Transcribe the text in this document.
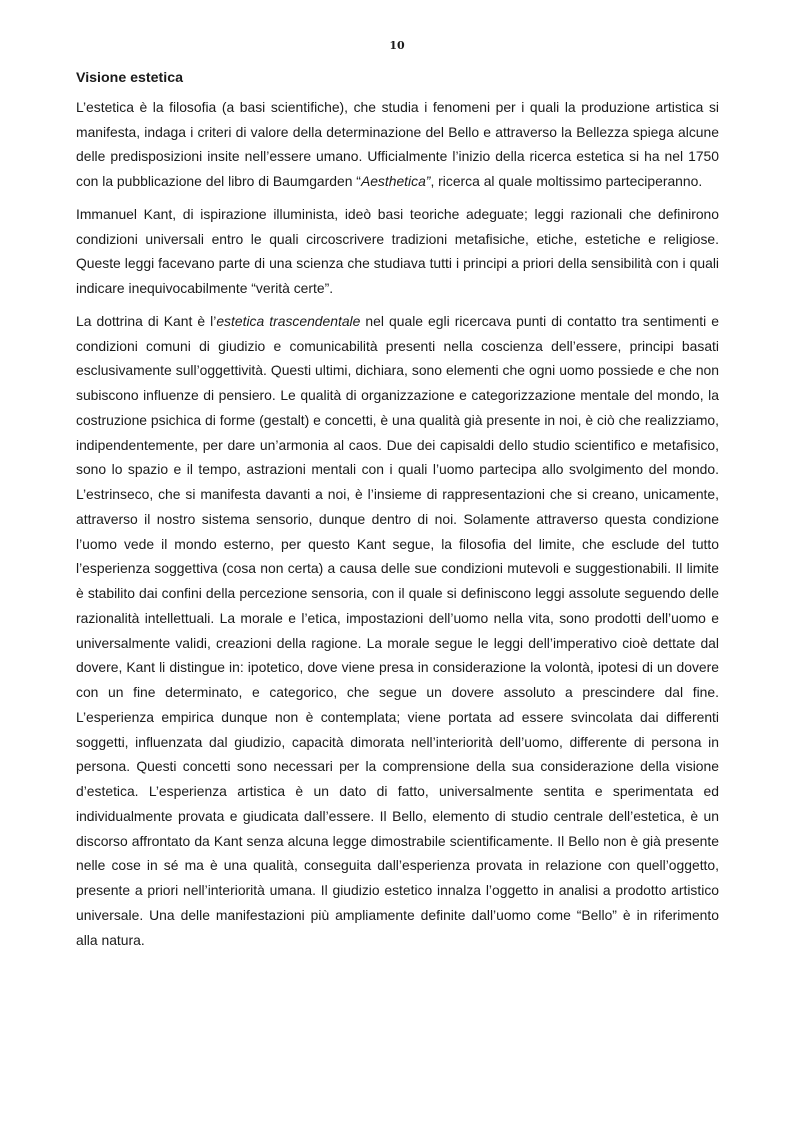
10
Visione estetica

L’estetica è la filosofia (a basi scientifiche), che studia i fenomeni per i quali la produzione artistica si manifesta, indaga i criteri di valore della determinazione del Bello e attraverso la Bellezza spiega alcune delle predisposizioni insite nell’essere umano. Ufficialmente l’inizio della ricerca estetica si ha nel 1750 con la pubblicazione del libro di Baumgarden “Aesthetica”, ricerca al quale moltissimo parteciperanno.

Immanuel Kant, di ispirazione illuminista, ideò basi teoriche adeguate; leggi razionali che definirono condizioni universali entro le quali circoscrivere tradizioni metafisiche, etiche, estetiche e religiose. Queste leggi facevano parte di una scienza che studiava tutti i principi a priori della sensibilità con i quali indicare inequivocabilmente “verità certe”.

La dottrina di Kant è l’estetica trascendentale nel quale egli ricercava punti di contatto tra sentimenti e condizioni comuni di giudizio e comunicabilità presenti nella coscienza dell’essere, principi basati esclusivamente sull’oggettività. Questi ultimi, dichiara, sono elementi che ogni uomo possiede e che non subiscono influenze di pensiero. Le qualità di organizzazione e categorizzazione mentale del mondo, la costruzione psichica di forme (gestalt) e concetti, è una qualità già presente in noi, è ciò che realizziamo, indipendentemente, per dare un’armonia al caos. Due dei capisaldi dello studio scientifico e metafisico, sono lo spazio e il tempo, astrazioni mentali con i quali l’uomo partecipa allo svolgimento del mondo. L’estrinseco, che si manifesta davanti a noi, è l’insieme di rappresentazioni che si creano, unicamente, attraverso il nostro sistema sensorio, dunque dentro di noi. Solamente attraverso questa condizione l’uomo vede il mondo esterno, per questo Kant segue, la filosofia del limite, che esclude del tutto l’esperienza soggettiva (cosa non certa) a causa delle sue condizioni mutevoli e suggestionabili. Il limite è stabilito dai confini della percezione sensoria, con il quale si definiscono leggi assolute seguendo delle razionalità intellettuali. La morale e l’etica, impostazioni dell’uomo nella vita, sono prodotti dell’uomo e universalmente validi, creazioni della ragione. La morale segue le leggi dell’imperativo cioè dettate dal dovere, Kant li distingue in: ipotetico, dove viene presa in considerazione la volontà, ipotesi di un dovere con un fine determinato, e categorico, che segue un dovere assoluto a prescindere dal fine. L’esperienza empirica dunque non è contemplata; viene portata ad essere svincolata dai differenti soggetti, influenzata dal giudizio, capacità dimorata nell’interiorità dell’uomo, differente di persona in persona. Questi concetti sono necessari per la comprensione della sua considerazione della visione d’estetica. L’esperienza artistica è un dato di fatto, universalmente sentita e sperimentata ed individualmente provata e giudicata dall’essere. Il Bello, elemento di studio centrale dell’estetica, è un discorso affrontato da Kant senza alcuna legge dimostrabile scientificamente. Il Bello non è già presente nelle cose in sé ma è una qualità, conseguita dall’esperienza provata in relazione con quell’oggetto, presente a priori nell’interiorità umana. Il giudizio estetico innalza l’oggetto in analisi a prodotto artistico universale. Una delle manifestazioni più ampliamente definite dall’uomo come “Bello” è in riferimento alla natura.
